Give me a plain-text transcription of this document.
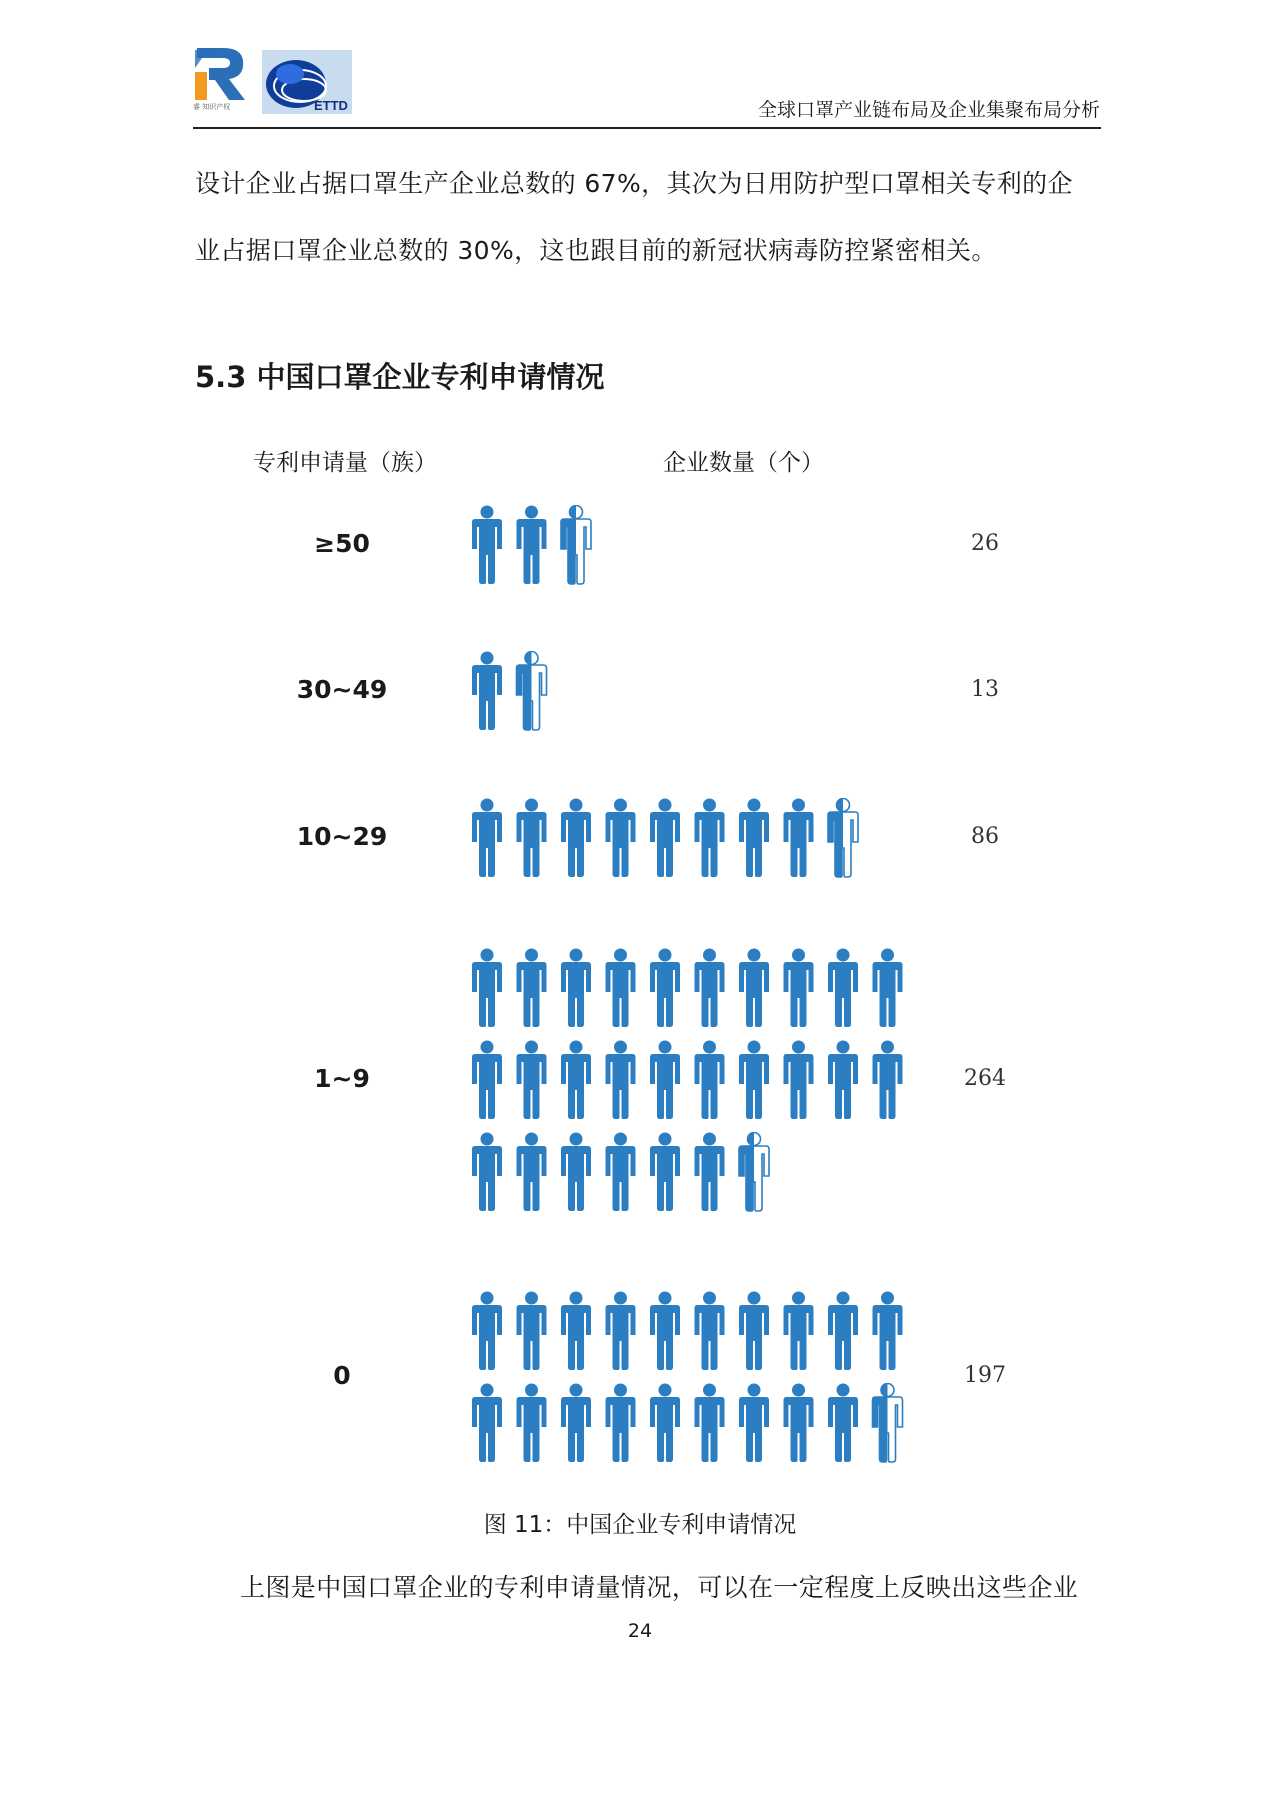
睿 知识产权	ETTD	全球口罩产业链布局及企业集聚布局分析
设计企业占据口罩生产企业总数的 67%，其次为日用防护型口罩相关专利的企
业占据口罩企业总数的 30%，这也跟目前的新冠状病毒防控紧密相关。
5.3 中国口罩企业专利申请情况
专利申请量（族）	企业数量（个）
≥50	26
30~49	13
10~29	86
1~9	264
0	197
图 11：中国企业专利申请情况
上图是中国口罩企业的专利申请量情况，可以在一定程度上反映出这些企业
24
